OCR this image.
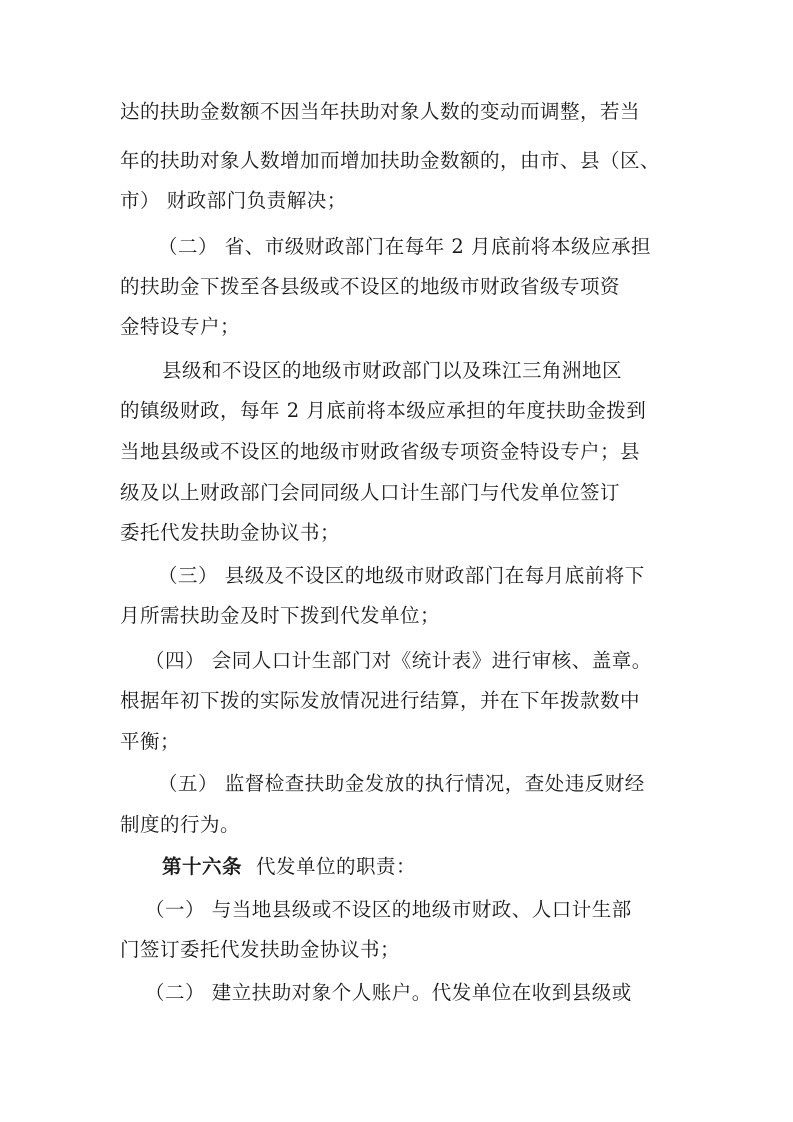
达的扶助金数额不因当年扶助对象人数的变动而调整，若当
年的扶助对象人数增加而增加扶助金数额的，由市、县（区、
市） 财政部门负责解决；
（二） 省、市级财政部门在每年 2 月底前将本级应承担
的扶助金下拨至各县级或不设区的地级市财政省级专项资
金特设专户；
县级和不设区的地级市财政部门以及珠江三角洲地区
的镇级财政，每年 2 月底前将本级应承担的年度扶助金拨到
当地县级或不设区的地级市财政省级专项资金特设专户；县
级及以上财政部门会同同级人口计生部门与代发单位签订
委托代发扶助金协议书；
（三） 县级及不设区的地级市财政部门在每月底前将下
月所需扶助金及时下拨到代发单位；
（四） 会同人口计生部门对《统计表》进行审核、盖章。
根据年初下拨的实际发放情况进行结算，并在下年拨款数中
平衡；
（五） 监督检查扶助金发放的执行情况，查处违反财经
制度的行为。
第十六条 代发单位的职责：
（一） 与当地县级或不设区的地级市财政、人口计生部
门签订委托代发扶助金协议书；
（二） 建立扶助对象个人账户。代发单位在收到县级或
